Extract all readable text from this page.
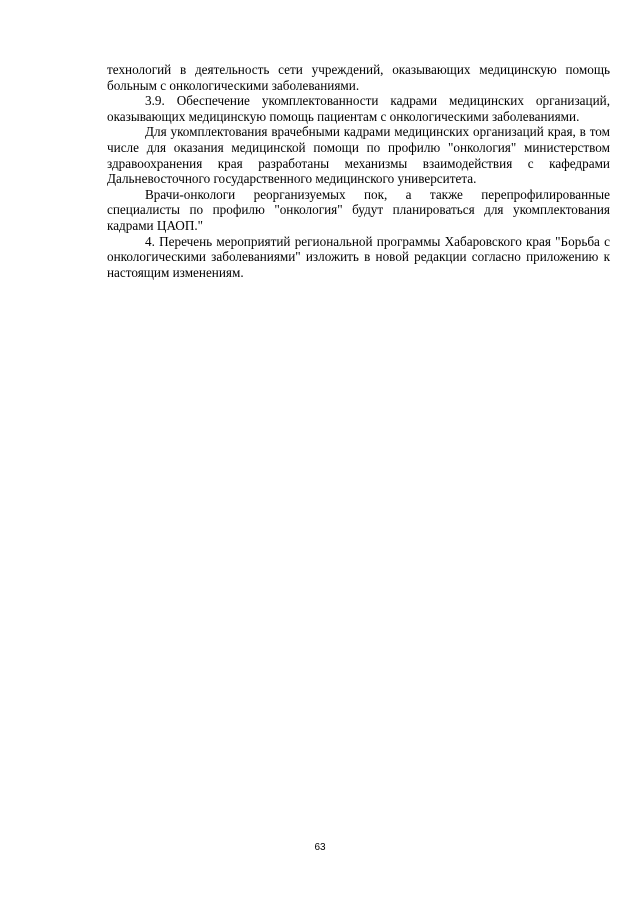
технологий в деятельность сети учреждений, оказывающих медицинскую помощь больным с онкологическими заболеваниями.

3.9. Обеспечение укомплектованности кадрами медицинских организаций, оказывающих медицинскую помощь пациентам с онкологическими заболеваниями.

Для укомплектования врачебными кадрами медицинских организаций края, в том числе для оказания медицинской помощи по профилю "онкология" министерством здравоохранения края разработаны механизмы взаимодействия с кафедрами Дальневосточного государственного медицинского университета.

Врачи-онкологи реорганизуемых пок, а также перепрофилированные специалисты по профилю "онкология" будут планироваться для укомплектования кадрами ЦАОП."

4. Перечень мероприятий региональной программы Хабаровского края "Борьба с онкологическими заболеваниями" изложить в новой редакции согласно приложению к настоящим изменениям.

63
